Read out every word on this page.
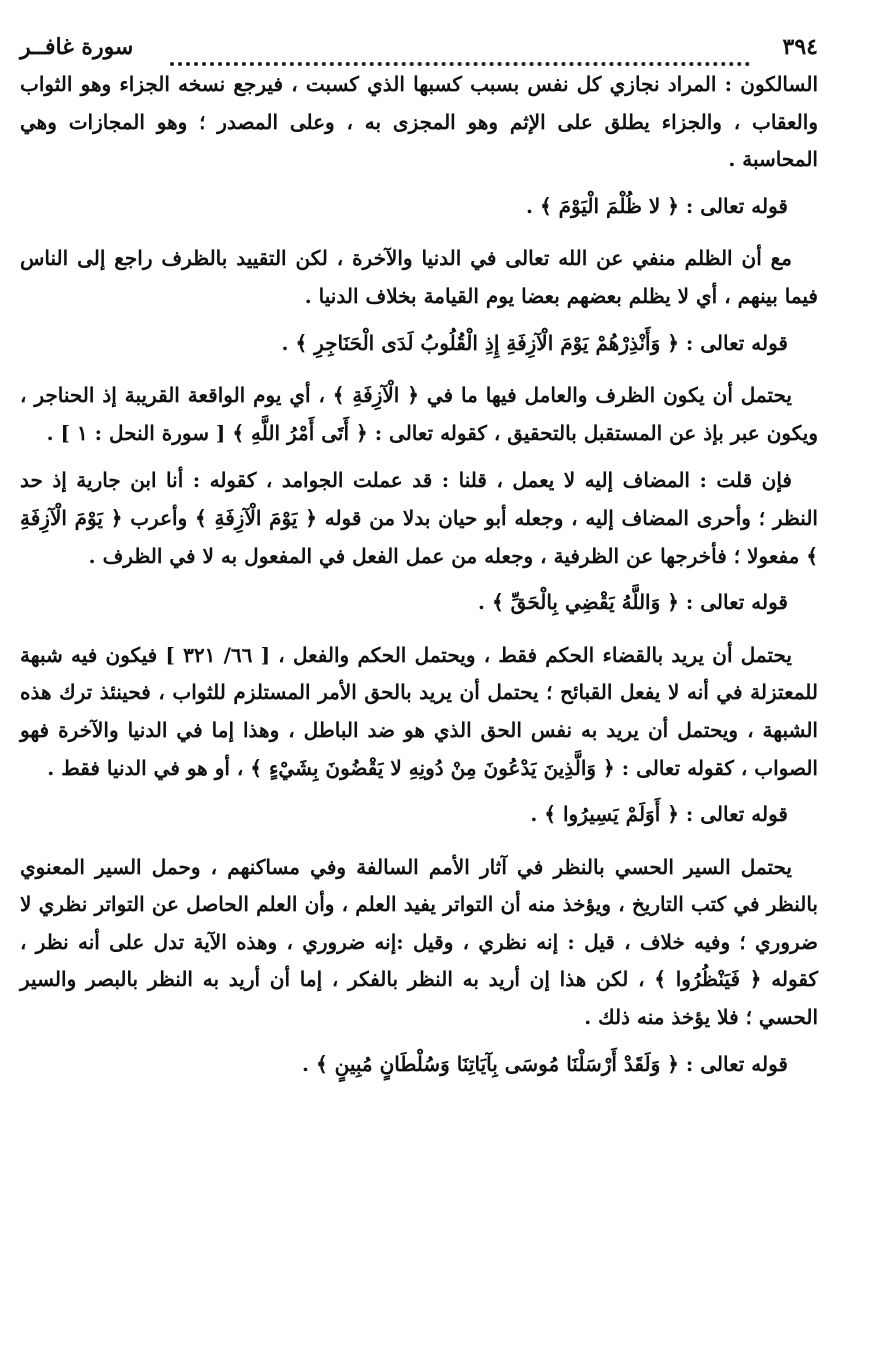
٣٩٤
سورة غافــر

السالكون : المراد نجازي كل نفس بسبب كسبها الذي كسبت ، فيرجع نسخه الجزاء وهو الثواب والعقاب ، والجزاء يطلق على الإثم وهو المجزى به ، وعلى المصدر ؛ وهو المجازات وهي المحاسبة .

قوله تعالى : ﴿ لا ظُلْمَ الْيَوْمَ ﴾ .

مع أن الظلم منفي عن الله تعالى في الدنيا والآخرة ، لكن التقييد بالظرف راجع إلى الناس فيما بينهم ، أي لا يظلم بعضهم بعضا يوم القيامة بخلاف الدنيا .

قوله تعالى : ﴿ وَأَنْذِرْهُمْ يَوْمَ الْآزِفَةِ إِذِ الْقُلُوبُ لَدَى الْحَنَاجِرِ ﴾ .

يحتمل أن يكون الظرف والعامل فيها ما في ﴿ الْآزِفَةِ ﴾ ، أي يوم الواقعة القريبة إذ الحناجر ، ويكون عبر بإذ عن المستقبل بالتحقيق ، كقوله تعالى : ﴿ أَتَى أَمْرُ اللَّهِ ﴾ [ سورة النحل : ١ ] .

فإن قلت : المضاف إليه لا يعمل ، قلنا : قد عملت الجوامد ، كقوله : أنا ابن جارية إذ حد النظر ؛ وأحرى المضاف إليه ، وجعله أبو حيان بدلا من قوله ﴿ يَوْمَ الْآزِفَةِ ﴾ وأعرب ﴿ يَوْمَ الْآزِفَةِ ﴾ مفعولا ؛ فأخرجها عن الظرفية ، وجعله من عمل الفعل في المفعول به لا في الظرف .

قوله تعالى : ﴿ وَاللَّهُ يَقْضِي بِالْحَقِّ ﴾ .

يحتمل أن يريد بالقضاء الحكم فقط ، ويحتمل الحكم والفعل ، [ ٦٦/ ٣٢١ ] فيكون فيه شبهة للمعتزلة في أنه لا يفعل القبائح ؛ يحتمل أن يريد بالحق الأمر المستلزم للثواب ، فحينئذ ترك هذه الشبهة ، ويحتمل أن يريد به نفس الحق الذي هو ضد الباطل ، وهذا إما في الدنيا والآخرة فهو الصواب ، كقوله تعالى : ﴿ وَالَّذِينَ يَدْعُونَ مِنْ دُونِهِ لا يَقْضُونَ بِشَيْءٍ ﴾ ، أو هو في الدنيا فقط .

قوله تعالى : ﴿ أَوَلَمْ يَسِيرُوا ﴾ .

يحتمل السير الحسي بالنظر في آثار الأمم السالفة وفي مساكنهم ، وحمل السير المعنوي بالنظر في كتب التاريخ ، ويؤخذ منه أن التواتر يفيد العلم ، وأن العلم الحاصل عن التواتر نظري لا ضروري ؛ وفيه خلاف ، قيل : إنه نظري ، وقيل :إنه ضروري ، وهذه الآية تدل على أنه نظر ، كقوله ﴿ فَيَنْظُرُوا ﴾ ، لكن هذا إن أريد به النظر بالفكر ، إما أن أريد به النظر بالبصر والسير الحسي ؛ فلا يؤخذ منه ذلك .

قوله تعالى : ﴿ وَلَقَدْ أَرْسَلْنَا مُوسَى بِآيَاتِنَا وَسُلْطَانٍ مُبِينٍ ﴾ .
